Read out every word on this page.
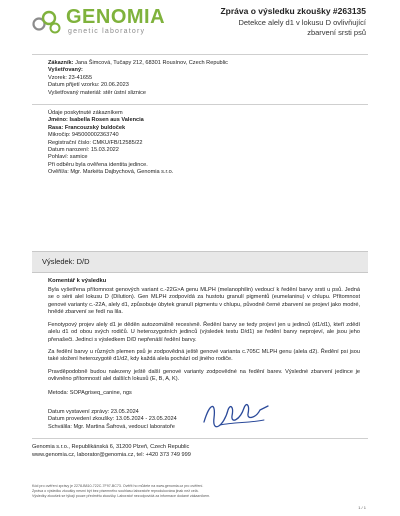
GENOMIA
genetic laboratory
Zpráva o výsledku zkoušky #263135
Detekce alely d1 v lokusu D ovlivňující zbarvení srsti psů
Zákazník: Jana Šimcová, Tučapy 212, 68301 Rousínov, Czech Republic
Vyšetřovaný:
Vzorek: 23-41655
Datum přijetí vzorku: 20.06.2023
Vyšetřovaný materiál: stěr ústní sliznice
Údaje poskytnuté zákazníkem
Jméno: Isabella Rosen aus Valencia
Rasa: Francouzský buldoček
Mikročip: 945000002363740
Registrační číslo: CMKU/FB/12585/22
Datum narození: 15.03.2022
Pohlaví: samice
Při odběru byla ověřena identita jedince.
Ověřil/a: Mgr. Markéta Dajbychová, Genomia s.r.o.
Výsledek: D/D
Komentář k výsledku

Byla vyšetřena přítomnost genových variant c.-22G>A genu MLPH (melanophilin) vedoucí k ředění barvy srsti u psů. Jedná se o sérii alel lokusu D (Dilution). Gen MLPH zodpovídá za hustotu granulí pigmentů (eumelaninu) v chlupu. Přítomnost genové varianty c.-22A, alely d1, způsobuje úbytek granulí pigmentu v chlupu, původně černé zbarvení se projeví jako modré, hnědé zbarvení se ředí na lila.

Fenotypový projev alely d1 je děděn autozomálně recesivně. Ředění barvy se tedy projeví jen u jedinců (d1/d1), kteří zdědí alelu d1 od obou svých rodičů. U heterozygotních jedinců (výsledek testu D/d1) se ředění barvy neprojeví, ale jsou jeho přenašeči. Jedinci s výsledkem D/D nepřenáší ředění barvy.

Za ředění barvy u různých plemen psů je zodpovědná ještě genové varianta c.705C MLPH genu (alela d2). Ředění psi jsou také složení heterozygotě d1/d2, kdy každá alela pochází od jiného rodiče.

Pravděpodobně budou nalezeny ještě další genové varianty zodpovědné na ředění barev. Výsledné zbarvení jedince je ovlivněno přítomností alel dalších lokusů (E, B, A, K).

Metoda: SOPAgriseq_canine, ngs
Datum vystavení zprávy: 23.05.2024
Datum provedení zkoušky: 13.05.2024 - 23.05.2024
Schválila: Mgr. Martina Šafrová, vedoucí laboratoře
Genomia s.r.o., Republikánská 6, 31200 Plzeň, Czech Republic
www.genomia.cz, laborator@genomia.cz, tel: +420 373 749 999
Kód pro ověření zprávy je 2278-B810-722C-7F97-BC73. Ověřit ho můžete na www.genomia.cz pro ověření.
Zpráva o výsledku zkoušky nesmí být bez písemného souhlasu laboratoře reprodukována jinak než celá.
Výsledky zkoušek se týkají pouze předmětu zkoušky. Laboratoř nezodpovídá za informace dodané zákazníkem.
1 / 1
